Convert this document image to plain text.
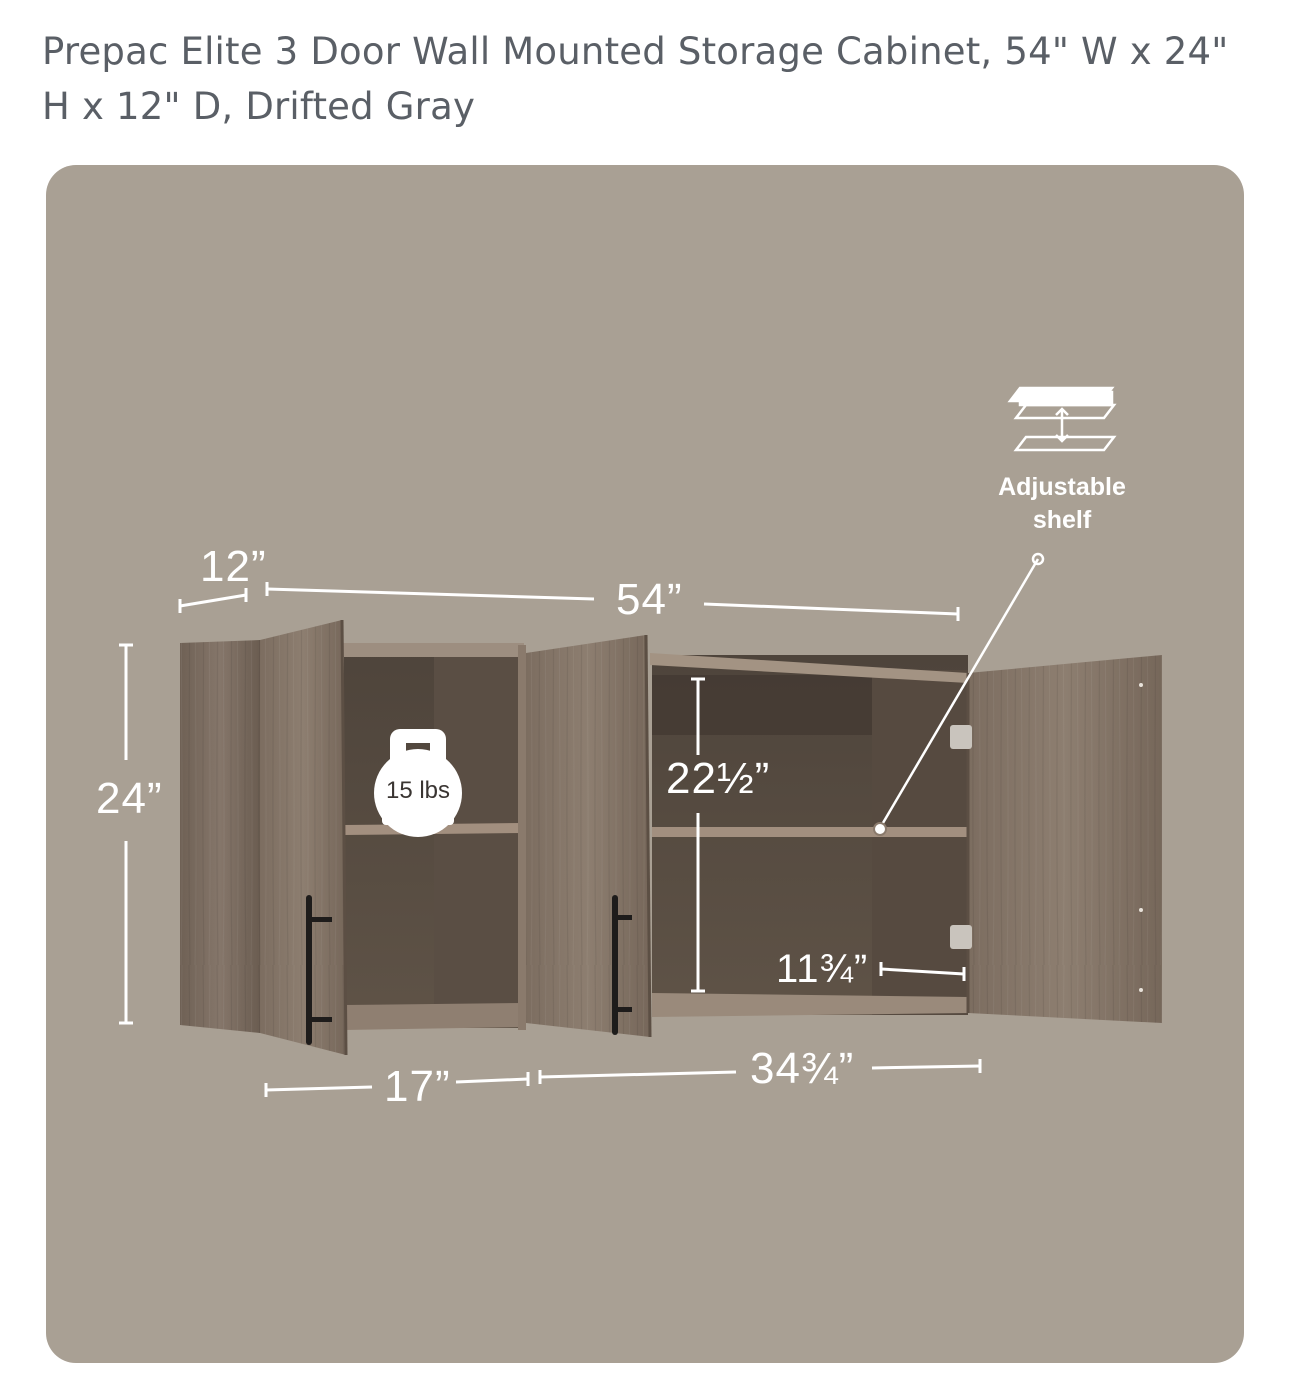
Prepac Elite 3 Door Wall Mounted Storage Cabinet, 54" W x 24" H x 12" D, Drifted Gray
12”
54”
24”	22½”
11¾”
17”	34¾”
15 lbs
Adjustable shelf
